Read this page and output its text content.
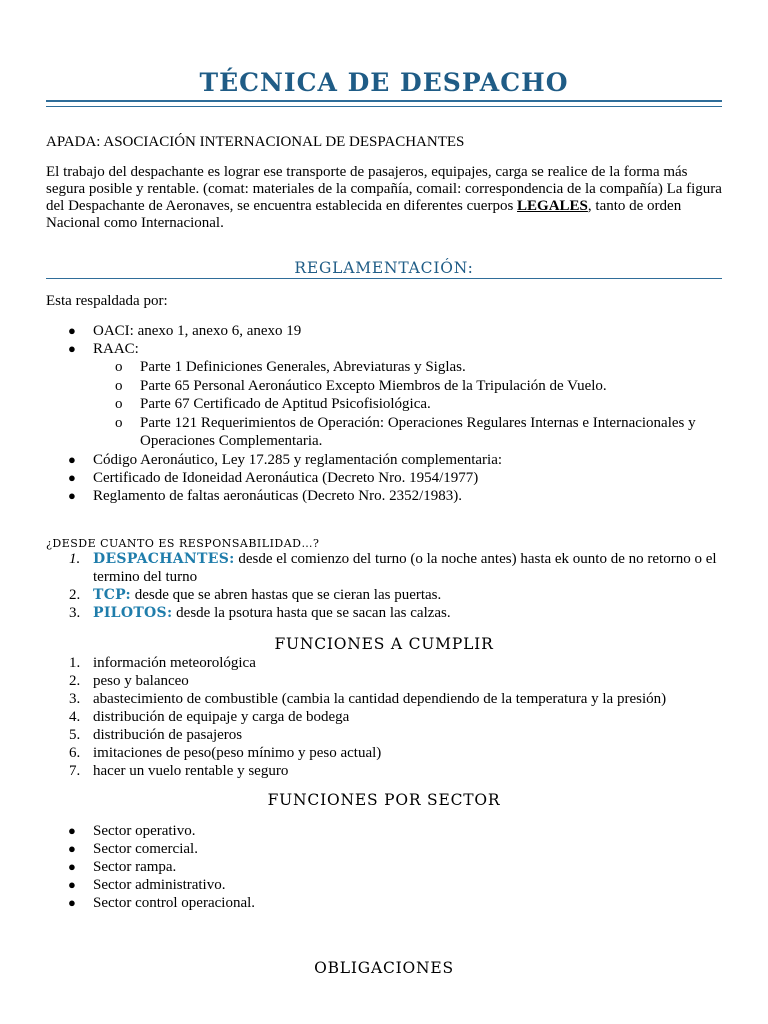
TÉCNICA DE DESPACHO
APADA: ASOCIACIÓN INTERNACIONAL DE DESPACHANTES
El trabajo del despachante es lograr ese transporte de pasajeros, equipajes, carga se realice de la forma más segura posible y rentable. (comat: materiales de la compañía, comail: correspondencia de la compañía) La figura del Despachante de Aeronaves, se encuentra establecida en diferentes cuerpos LEGALES, tanto de orden Nacional como Internacional.
REGLAMENTACIÓN:
Esta respaldada por:
● OACI: anexo 1, anexo 6, anexo 19
● RAAC:
o Parte 1 Definiciones Generales, Abreviaturas y Siglas.
o Parte 65 Personal Aeronáutico Excepto Miembros de la Tripulación de Vuelo.
o Parte 67 Certificado de Aptitud Psicofisiológica.
o Parte 121 Requerimientos de Operación: Operaciones Regulares Internas e Internacionales y Operaciones Complementaria.
● Código Aeronáutico, Ley 17.285 y reglamentación complementaria:
● Certificado de Idoneidad Aeronáutica (Decreto Nro. 1954/1977)
● Reglamento de faltas aeronáuticas (Decreto Nro. 2352/1983).
¿DESDE CUANTO ES RESPONSABILIDAD…?
1. DESPACHANTES: desde el comienzo del turno (o la noche antes) hasta ek ounto de no retorno o el termino del turno
2. TCP: desde que se abren hastas que se cieran las puertas.
3. PILOTOS: desde la psotura hasta que se sacan las calzas.
FUNCIONES A CUMPLIR
1. información meteorológica
2. peso y balanceo
3. abastecimiento de combustible (cambia la cantidad dependiendo de la temperatura y la presión)
4. distribución de equipaje y carga de bodega
5. distribución de pasajeros
6. imitaciones de peso(peso mínimo y peso actual)
7. hacer un vuelo rentable y seguro
FUNCIONES POR SECTOR
● Sector operativo.
● Sector comercial.
● Sector rampa.
● Sector administrativo.
● Sector control operacional.
OBLIGACIONES
